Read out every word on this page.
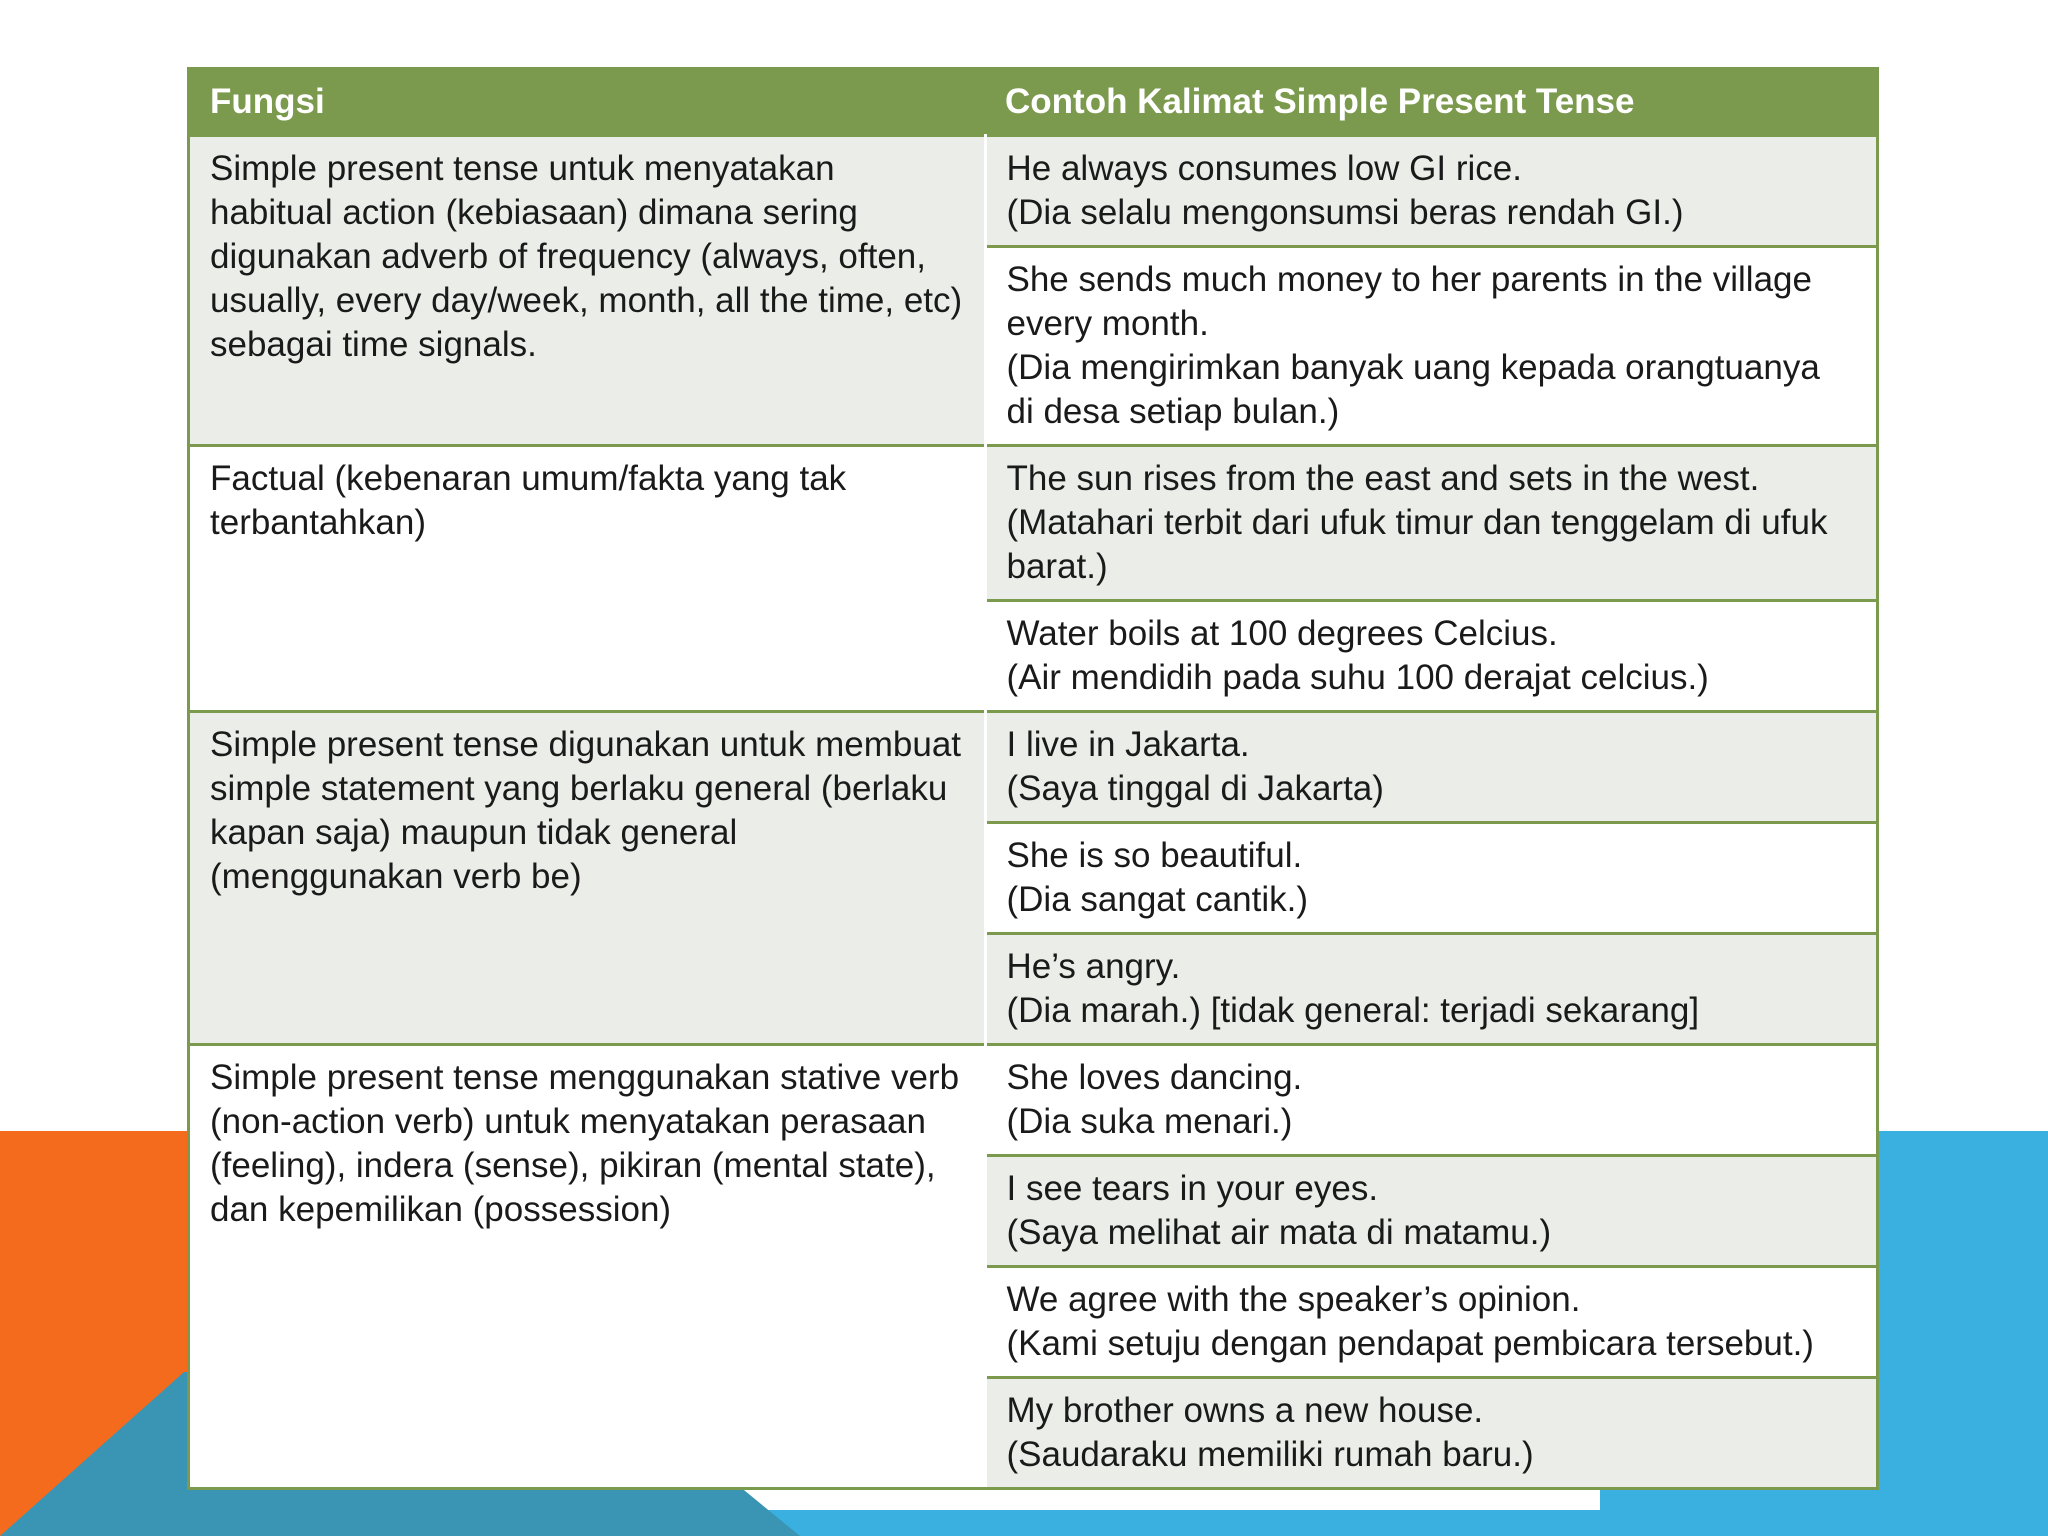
Fungsi	Contoh Kalimat Simple Present Tense
Simple present tense untuk menyatakan habitual action (kebiasaan) dimana sering digunakan adverb of frequency (always, often, usually, every day/week, month, all the time, etc) sebagai time signals.	He always consumes low GI rice.
(Dia selalu mengonsumsi beras rendah GI.)

	She sends much money to her parents in the village every month.
(Dia mengirimkan banyak uang kepada orangtuanya di desa setiap bulan.)

Factual (kebenaran umum/fakta yang tak terbantahkan)	The sun rises from the east and sets in the west.
(Matahari terbit dari ufuk timur dan tenggelam di ufuk barat.)

	Water boils at 100 degrees Celcius.
(Air mendidih pada suhu 100 derajat celcius.)

Simple present tense digunakan untuk membuat simple statement yang berlaku general (berlaku kapan saja) maupun tidak general (menggunakan verb be)	I live in Jakarta.
(Saya tinggal di Jakarta)

	She is so beautiful.
(Dia sangat cantik.)

	He’s angry.
(Dia marah.) [tidak general: terjadi sekarang]

Simple present tense menggunakan stative verb (non-action verb) untuk menyatakan perasaan (feeling), indera (sense), pikiran (mental state), dan kepemilikan (possession)	She loves dancing.
(Dia suka menari.)

	I see tears in your eyes.
(Saya melihat air mata di matamu.)

	We agree with the speaker’s opinion.
(Kami setuju dengan pendapat pembicara tersebut.)

	My brother owns a new house.
(Saudaraku memiliki rumah baru.)
